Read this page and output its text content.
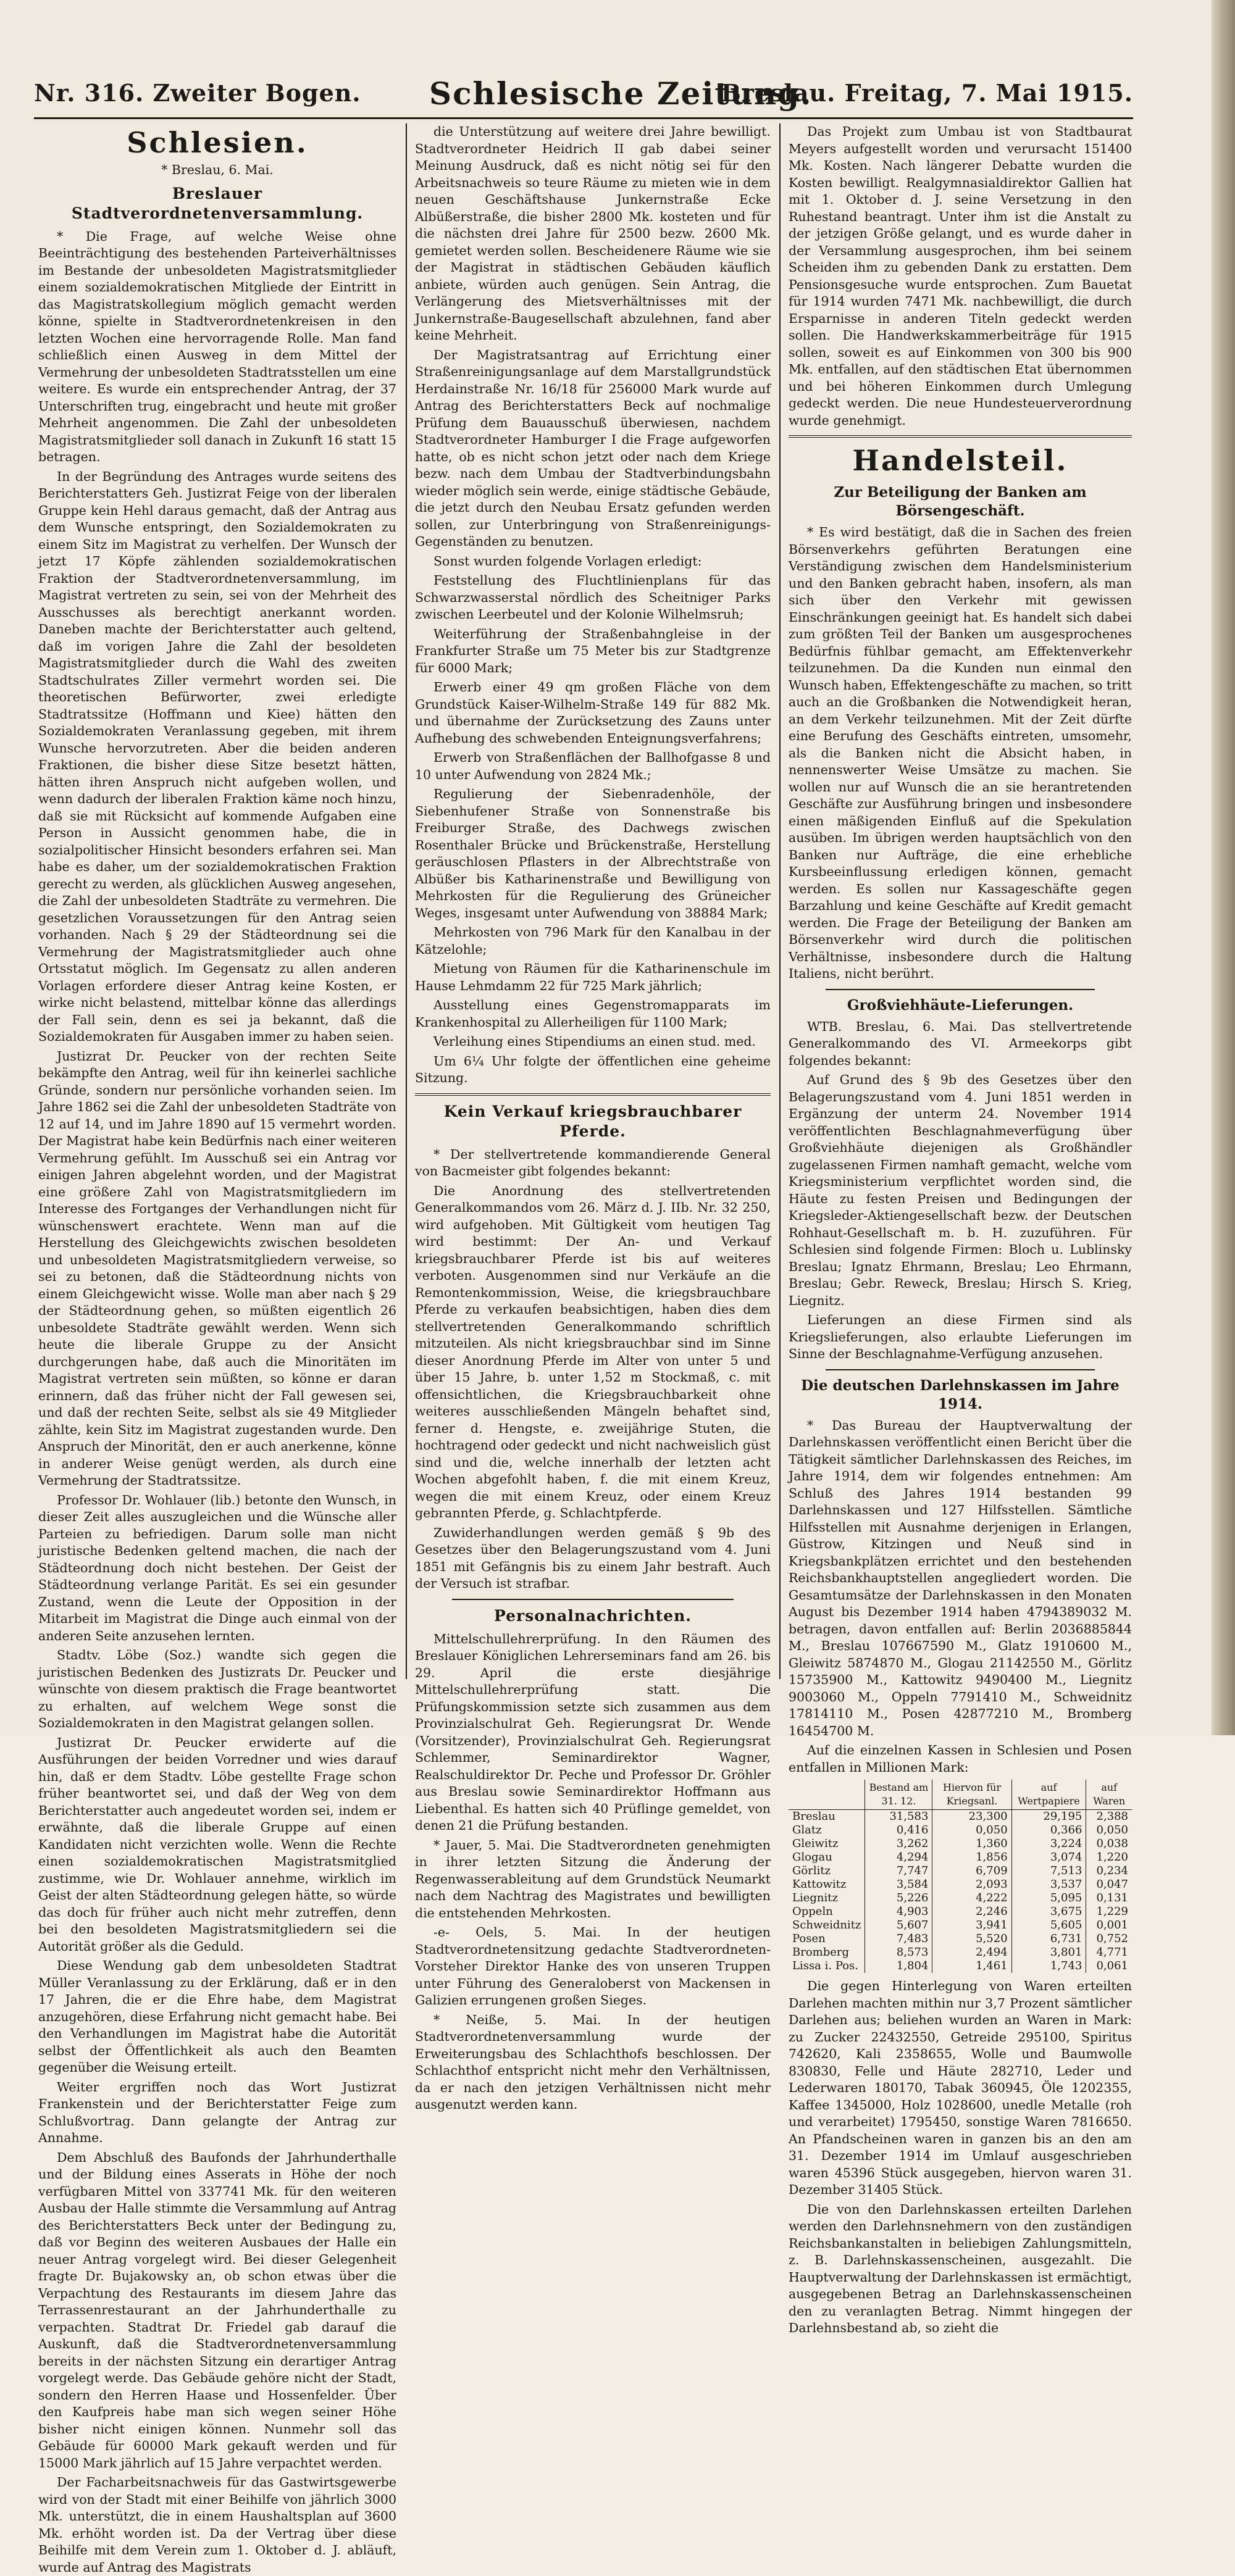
Nr. 316. Zweiter Bogen. Schlesische Zeitung.
Breslau. Freitag, 7. Mai 1915.
Schlesien.

* Breslau, 6. Mai.

Breslauer Stadtverordnetenversammlung.

* Die Frage, auf welche Weise ohne Beeinträchtigung des bestehenden Parteiverhältnisses im Bestande der unbesoldeten Magistratsmitglieder einem sozialdemokratischen Mitgliede der Eintritt in das Magistratskollegium möglich gemacht werden könne, spielte in Stadtverordnetenkreisen in den letzten Wochen eine hervorragende Rolle. Man fand schließlich einen Ausweg in dem Mittel der Vermehrung der unbesoldeten Stadtratsstellen um eine weitere. Es wurde ein entsprechender Antrag, der 37 Unterschriften trug, eingebracht und heute mit großer Mehrheit angenommen. Die Zahl der unbesoldeten Magistratsmitglieder soll danach in Zukunft 16 statt 15 betragen.

In der Begründung des Antrages wurde seitens des Berichterstatters Geh. Justizrat Feige von der liberalen Gruppe kein Hehl daraus gemacht, daß der Antrag aus dem Wunsche entspringt, den Sozialdemokraten zu einem Sitz im Magistrat zu verhelfen. Der Wunsch der jetzt 17 Köpfe zählenden sozialdemokratischen Fraktion der Stadtverordnetenversammlung, im Magistrat vertreten zu sein, sei von der Mehrheit des Ausschusses als berechtigt anerkannt worden. Daneben machte der Berichterstatter auch geltend, daß im vorigen Jahre die Zahl der besoldeten Magistratsmitglieder durch die Wahl des zweiten Stadtschulrates Ziller vermehrt worden sei. Die theoretischen Befürworter, zwei erledigte Stadtratssitze (Hoffmann und Kiee) hätten den Sozialdemokraten Veranlassung gegeben, mit ihrem Wunsche hervorzutreten. Aber die beiden anderen Fraktionen, die bisher diese Sitze besetzt hätten, hätten ihren Anspruch nicht aufgeben wollen, und wenn dadurch der liberalen Fraktion käme noch hinzu, daß sie mit Rücksicht auf kommende Aufgaben eine Person in Aussicht genommen habe, die in sozialpolitischer Hinsicht besonders erfahren sei. Man habe es daher, um der sozialdemokratischen Fraktion gerecht zu werden, als glücklichen Ausweg angesehen, die Zahl der unbesoldeten Stadträte zu vermehren. Die gesetzlichen Voraussetzungen für den Antrag seien vorhanden. Nach § 29 der Städteordnung sei die Vermehrung der Magistratsmitglieder auch ohne Ortsstatut möglich. Im Gegensatz zu allen anderen Vorlagen erfordere dieser Antrag keine Kosten, er wirke nicht belastend, mittelbar könne das allerdings der Fall sein, denn es sei ja bekannt, daß die Sozialdemokraten für Ausgaben immer zu haben seien.

Justizrat Dr. Peucker von der rechten Seite bekämpfte den Antrag, weil für ihn keinerlei sachliche Gründe, sondern nur persönliche vorhanden seien. Im Jahre 1862 sei die Zahl der unbesoldeten Stadträte von 12 auf 14, und im Jahre 1890 auf 15 vermehrt worden. Der Magistrat habe kein Bedürfnis nach einer weiteren Vermehrung gefühlt. Im Ausschuß sei ein Antrag vor einigen Jahren abgelehnt worden, und der Magistrat eine größere Zahl von Magistratsmitgliedern im Interesse des Fortganges der Verhandlungen nicht für wünschenswert erachtete. Wenn man auf die Herstellung des Gleichgewichts zwischen besoldeten und unbesoldeten Magistratsmitgliedern verweise, so sei zu betonen, daß die Städteordnung nichts von einem Gleichgewicht wisse. Wolle man aber nach § 29 der Städteordnung gehen, so müßten eigentlich 26 unbesoldete Stadträte gewählt werden. Wenn sich heute die liberale Gruppe zu der Ansicht durchgerungen habe, daß auch die Minoritäten im Magistrat vertreten sein müßten, so könne er daran erinnern, daß das früher nicht der Fall gewesen sei, und daß der rechten Seite, selbst als sie 49 Mitglieder zählte, kein Sitz im Magistrat zugestanden wurde. Den Anspruch der Minorität, den er auch anerkenne, könne in anderer Weise genügt werden, als durch eine Vermehrung der Stadtratssitze.

Professor Dr. Wohlauer (lib.) betonte den Wunsch, in dieser Zeit alles auszugleichen und die Wünsche aller Parteien zu befriedigen. Darum solle man nicht juristische Bedenken geltend machen, die nach der Städteordnung doch nicht bestehen. Der Geist der Städteordnung verlange Parität. Es sei ein gesunder Zustand, wenn die Leute der Opposition in der Mitarbeit im Magistrat die Dinge auch einmal von der anderen Seite anzusehen lernten.

Stadtv. Löbe (Soz.) wandte sich gegen die juristischen Bedenken des Justizrats Dr. Peucker und wünschte von diesem praktisch die Frage beantwortet zu erhalten, auf welchem Wege sonst die Sozialdemokraten in den Magistrat gelangen sollen.

Justizrat Dr. Peucker erwiderte auf die Ausführungen der beiden Vorredner und wies darauf hin, daß er dem Stadtv. Löbe gestellte Frage schon früher beantwortet sei, und daß der Weg von dem Berichterstatter auch angedeutet worden sei, indem er erwähnte, daß die liberale Gruppe auf einen Kandidaten nicht verzichten wolle. Wenn die Rechte einen sozialdemokratischen Magistratsmitglied zustimme, wie Dr. Wohlauer annehme, wirklich im Geist der alten Städteordnung gelegen hätte, so würde das doch für früher auch nicht mehr zutreffen, denn bei den besoldeten Magistratsmitgliedern sei die Autorität größer als die Geduld.

Diese Wendung gab dem unbesoldeten Stadtrat Müller Veranlassung zu der Erklärung, daß er in den 17 Jahren, die er die Ehre habe, dem Magistrat anzugehören, diese Erfahrung nicht gemacht habe. Bei den Verhandlungen im Magistrat habe die Autorität selbst der Öffentlichkeit als auch den Beamten gegenüber die Weisung erteilt.

Weiter ergriffen noch das Wort Justizrat Frankenstein und der Berichterstatter Feige zum Schlußvortrag. Dann gelangte der Antrag zur Annahme.

Dem Abschluß des Baufonds der Jahrhunderthalle und der Bildung eines Asserats in Höhe der noch verfügbaren Mittel von 337741 Mk. für den weiteren Ausbau der Halle stimmte die Versammlung auf Antrag des Berichterstatters Beck unter der Bedingung zu, daß vor Beginn des weiteren Ausbaues der Halle ein neuer Antrag vorgelegt wird. Bei dieser Gelegenheit fragte Dr. Bujakowsky an, ob schon etwas über die Verpachtung des Restaurants im diesem Jahre das Terrassenrestaurant an der Jahrhunderthalle zu verpachten. Stadtrat Dr. Friedel gab darauf die Auskunft, daß die Stadtverordnetenversammlung bereits in der nächsten Sitzung ein derartiger Antrag vorgelegt werde. Das Gebäude gehöre nicht der Stadt, sondern den Herren Haase und Hossenfelder. Über den Kaufpreis habe man sich wegen seiner Höhe bisher nicht einigen können. Nunmehr soll das Gebäude für 60000 Mark gekauft werden und für 15000 Mark jährlich auf 15 Jahre verpachtet werden.

Der Facharbeitsnachweis für das Gastwirtsgewerbe wird von der Stadt mit einer Beihilfe von jährlich 3000 Mk. unterstützt, die in einem Haushaltsplan auf 3600 Mk. erhöht worden ist. Da der Vertrag über diese Beihilfe mit dem Verein zum 1. Oktober d. J. abläuft, wurde auf Antrag des Magistrats

die Unterstützung auf weitere drei Jahre bewilligt. Stadtverordneter Heidrich II gab dabei seiner Meinung Ausdruck, daß es nicht nötig sei für den Arbeitsnachweis so teure Räume zu mieten wie in dem neuen Geschäftshause Junkernstraße Ecke Albüßerstraße, die bisher 2800 Mk. kosteten und für die nächsten drei Jahre für 2500 bezw. 2600 Mk. gemietet werden sollen. Bescheidenere Räume wie sie der Magistrat in städtischen Gebäuden käuflich anbiete, würden auch genügen. Sein Antrag, die Verlängerung des Mietsverhältnisses mit der Junkernstraße-Baugesellschaft abzulehnen, fand aber keine Mehrheit.

Der Magistratsantrag auf Errichtung einer Straßenreinigungsanlage auf dem Marstallgrundstück Herdainstraße Nr. 16/18 für 256000 Mark wurde auf Antrag des Berichterstatters Beck auf nochmalige Prüfung dem Bauausschuß überwiesen, nachdem Stadtverordneter Hamburger I die Frage aufgeworfen hatte, ob es nicht schon jetzt oder nach dem Kriege bezw. nach dem Umbau der Stadtverbindungsbahn wieder möglich sein werde, einige städtische Gebäude, die jetzt durch den Neubau Ersatz gefunden werden sollen, zur Unterbringung von Straßenreinigungs-Gegenständen zu benutzen.

Sonst wurden folgende Vorlagen erledigt:

Feststellung des Fluchtlinienplans für das Schwarzwasserstal nördlich des Scheitniger Parks zwischen Leerbeutel und der Kolonie Wilhelmsruh;

Weiterführung der Straßenbahngleise in der Frankfurter Straße um 75 Meter bis zur Stadtgrenze für 6000 Mark;

Erwerb einer 49 qm großen Fläche von dem Grundstück Kaiser-Wilhelm-Straße 149 für 882 Mk. und übernahme der Zurücksetzung des Zauns unter Aufhebung des schwebenden Enteignungsverfahrens;

Erwerb von Straßenflächen der Ballhofgasse 8 und 10 unter Aufwendung von 2824 Mk.;

Regulierung der Siebenradenhöle, der Siebenhufener Straße von Sonnenstraße bis Freiburger Straße, des Dachwegs zwischen Rosenthaler Brücke und Brückenstraße, Herstellung geräuschlosen Pflasters in der Albrechtstraße von Albüßer bis Katharinenstraße und Bewilligung von Mehrkosten für die Regulierung des Grüneicher Weges, insgesamt unter Aufwendung von 38884 Mark;

Mehrkosten von 796 Mark für den Kanalbau in der Kätzelohle;

Mietung von Räumen für die Katharinenschule im Hause Lehmdamm 22 für 725 Mark jährlich;

Ausstellung eines Gegenstromapparats im Krankenhospital zu Allerheiligen für 1100 Mark;

Verleihung eines Stipendiums an einen stud. med.

Um 6¼ Uhr folgte der öffentlichen eine geheime Sitzung.

Kein Verkauf kriegsbrauchbarer Pferde.

* Der stellvertretende kommandierende General von Bacmeister gibt folgendes bekannt:

Die Anordnung des stellvertretenden Generalkommandos vom 26. März d. J. IIb. Nr. 32 250, wird aufgehoben. Mit Gültigkeit vom heutigen Tag wird bestimmt: Der An- und Verkauf kriegsbrauchbarer Pferde ist bis auf weiteres verboten. Ausgenommen sind nur Verkäufe an die Remontenkommission, Weise, die kriegsbrauchbare Pferde zu verkaufen beabsichtigen, haben dies dem stellvertretenden Generalkommando schriftlich mitzuteilen. Als nicht kriegsbrauchbar sind im Sinne dieser Anordnung Pferde im Alter von unter 5 und über 15 Jahre, b. unter 1,52 m Stockmaß, c. mit offensichtlichen, die Kriegsbrauchbarkeit ohne weiteres ausschließenden Mängeln behaftet sind, ferner d. Hengste, e. zweijährige Stuten, die hochtragend oder gedeckt und nicht nachweislich güst sind und die, welche innerhalb der letzten acht Wochen abgefohlt haben, f. die mit einem Kreuz, wegen die mit einem Kreuz, oder einem Kreuz gebrannten Pferde, g. Schlachtpferde.

Zuwiderhandlungen werden gemäß § 9b des Gesetzes über den Belagerungszustand vom 4. Juni 1851 mit Gefängnis bis zu einem Jahr bestraft. Auch der Versuch ist strafbar.

Personalnachrichten.

Mittelschullehrerprüfung. In den Räumen des Breslauer Königlichen Lehrerseminars fand am 26. bis 29. April die erste diesjährige Mittelschullehrerprüfung statt. Die Prüfungskommission setzte sich zusammen aus dem Provinzialschulrat Geh. Regierungsrat Dr. Wende (Vorsitzender), Provinzialschulrat Geh. Regierungsrat Schlemmer, Seminardirektor Wagner, Realschuldirektor Dr. Peche und Professor Dr. Gröhler aus Breslau sowie Seminardirektor Hoffmann aus Liebenthal. Es hatten sich 40 Prüflinge gemeldet, von denen 21 die Prüfung bestanden.

* Jauer, 5. Mai. Die Stadtverordneten genehmigten in ihrer letzten Sitzung die Änderung der Regenwasserableitung auf dem Grundstück Neumarkt nach dem Nachtrag des Magistrates und bewilligten die entstehenden Mehrkosten.

-e- Oels, 5. Mai. In der heutigen Stadtverordnetensitzung gedachte Stadtverordneten-Vorsteher Direktor Hanke des von unseren Truppen unter Führung des Generaloberst von Mackensen in Galizien errungenen großen Sieges.

* Neiße, 5. Mai. In der heutigen Stadtverordnetenversammlung wurde der Erweiterungsbau des Schlachthofs beschlossen. Der Schlachthof entspricht nicht mehr den Verhältnissen, da er nach den jetzigen Verhältnissen nicht mehr ausgenutzt werden kann.

Das Projekt zum Umbau ist von Stadtbaurat Meyers aufgestellt worden und verursacht 151400 Mk. Kosten. Nach längerer Debatte wurden die Kosten bewilligt. Realgymnasialdirektor Gallien hat mit 1. Oktober d. J. seine Versetzung in den Ruhestand beantragt. Unter ihm ist die Anstalt zu der jetzigen Größe gelangt, und es wurde daher in der Versammlung ausgesprochen, ihm bei seinem Scheiden ihm zu gebenden Dank zu erstatten. Dem Pensionsgesuche wurde entsprochen. Zum Bauetat für 1914 wurden 7471 Mk. nachbewilligt, die durch Ersparnisse in anderen Titeln gedeckt werden sollen. Die Handwerkskammerbeiträge für 1915 sollen, soweit es auf Einkommen von 300 bis 900 Mk. entfallen, auf den städtischen Etat übernommen und bei höheren Einkommen durch Umlegung gedeckt werden. Die neue Hundesteuerverordnung wurde genehmigt.

Handelsteil.
Zur Beteiligung der Banken am Börsengeschäft.

* Es wird bestätigt, daß die in Sachen des freien Börsenverkehrs geführten Beratungen eine Verständigung zwischen dem Handelsministerium und den Banken gebracht haben, insofern, als man sich über den Verkehr mit gewissen Einschränkungen geeinigt hat. Es handelt sich dabei zum größten Teil der Banken um ausgesprochenes Bedürfnis fühlbar gemacht, am Effektenverkehr teilzunehmen. Da die Kunden nun einmal den Wunsch haben, Effektengeschäfte zu machen, so tritt auch an die Großbanken die Notwendigkeit heran, an dem Verkehr teilzunehmen. Mit der Zeit dürfte eine Berufung des Geschäfts eintreten, umsomehr, als die Banken nicht die Absicht haben, in nennenswerter Weise Umsätze zu machen. Sie wollen nur auf Wunsch die an sie herantretenden Geschäfte zur Ausführung bringen und insbesondere einen mäßigenden Einfluß auf die Spekulation ausüben. Im übrigen werden hauptsächlich von den Banken nur Aufträge, die eine erhebliche Kursbeeinflussung erledigen können, gemacht werden. Es sollen nur Kassageschäfte gegen Barzahlung und keine Geschäfte auf Kredit gemacht werden. Die Frage der Beteiligung der Banken am Börsenverkehr wird durch die politischen Verhältnisse, insbesondere durch die Haltung Italiens, nicht berührt.

Großviehhäute-Lieferungen.

WTB. Breslau, 6. Mai. Das stellvertretende Generalkommando des VI. Armeekorps gibt folgendes bekannt:

Auf Grund des § 9b des Gesetzes über den Belagerungszustand vom 4. Juni 1851 werden in Ergänzung der unterm 24. November 1914 veröffentlichten Beschlagnahmeverfügung über Großviehhäute diejenigen als Großhändler zugelassenen Firmen namhaft gemacht, welche vom Kriegsministerium verpflichtet worden sind, die Häute zu festen Preisen und Bedingungen der Kriegsleder-Aktiengesellschaft bezw. der Deutschen Rohhaut-Gesellschaft m. b. H. zuzuführen. Für Schlesien sind folgende Firmen: Bloch u. Lublinsky Breslau; Ignatz Ehrmann, Breslau; Leo Ehrmann, Breslau; Gebr. Reweck, Breslau; Hirsch S. Krieg, Liegnitz.

Lieferungen an diese Firmen sind als Kriegslieferungen, also erlaubte Lieferungen im Sinne der Beschlagnahme-Verfügung anzusehen.

Die deutschen Darlehnskassen im Jahre 1914.

* Das Bureau der Hauptverwaltung der Darlehnskassen veröffentlicht einen Bericht über die Tätigkeit sämtlicher Darlehnskassen des Reiches, im Jahre 1914, dem wir folgendes entnehmen: Am Schluß des Jahres 1914 bestanden 99 Darlehnskassen und 127 Hilfsstellen. Sämtliche Hilfsstellen mit Ausnahme derjenigen in Erlangen, Güstrow, Kitzingen und Neuß sind in Kriegsbankplätzen errichtet und den bestehenden Reichsbankhauptstellen angegliedert worden. Die Gesamtumsätze der Darlehnskassen in den Monaten August bis Dezember 1914 haben 4794389032 M. betragen, davon entfallen auf: Berlin 2036885844 M., Breslau 107667590 M., Glatz 1910600 M., Gleiwitz 5874870 M., Glogau 21142550 M., Görlitz 15735900 M., Kattowitz 9490400 M., Liegnitz 9003060 M., Oppeln 7791410 M., Schweidnitz 17814110 M., Posen 42877210 M., Bromberg 16454700 M.

Auf die einzelnen Kassen in Schlesien und Posen entfallen in Millionen Mark:

	Bestand am 31. 12.	Hiervon für Kriegsanl.	auf Wertpapiere	auf Waren
Breslau	31,583	23,300	29,195	2,388
Glatz	0,416	0,050	0,366	0,050
Gleiwitz	3,262	1,360	3,224	0,038
Glogau	4,294	1,856	3,074	1,220
Görlitz	7,747	6,709	7,513	0,234
Kattowitz	3,584	2,093	3,537	0,047
Liegnitz	5,226	4,222	5,095	0,131
Oppeln	4,903	2,246	3,675	1,229
Schweidnitz	5,607	3,941	5,605	0,001
Posen	7,483	5,520	6,731	0,752
Bromberg	8,573	2,494	3,801	4,771
Lissa i. Pos.	1,804	1,461	1,743	0,061

Die gegen Hinterlegung von Waren erteilten Darlehen machten mithin nur 3,7 Prozent sämtlicher Darlehen aus; beliehen wurden an Waren in Mark: zu Zucker 22432550, Getreide 295100, Spiritus 742620, Kali 2358655, Wolle und Baumwolle 830830, Felle und Häute 282710, Leder und Lederwaren 180170, Tabak 360945, Öle 1202355, Kaffee 1345000, Holz 1028600, unedle Metalle (roh und verarbeitet) 1795450, sonstige Waren 7816650. An Pfandscheinen waren in ganzen bis an den am 31. Dezember 1914 im Umlauf ausgeschrieben waren 45396 Stück ausgegeben, hiervon waren 31. Dezember 31405 Stück.

Die von den Darlehnskassen erteilten Darlehen werden den Darlehnsnehmern von den zuständigen Reichsbankanstalten in beliebigen Zahlungsmitteln, z. B. Darlehnskassenscheinen, ausgezahlt. Die Hauptverwaltung der Darlehnskassen ist ermächtigt, ausgegebenen Betrag an Darlehnskassenscheinen den zu veranlagten Betrag. Nimmt hingegen der Darlehnsbestand ab, so zieht die
